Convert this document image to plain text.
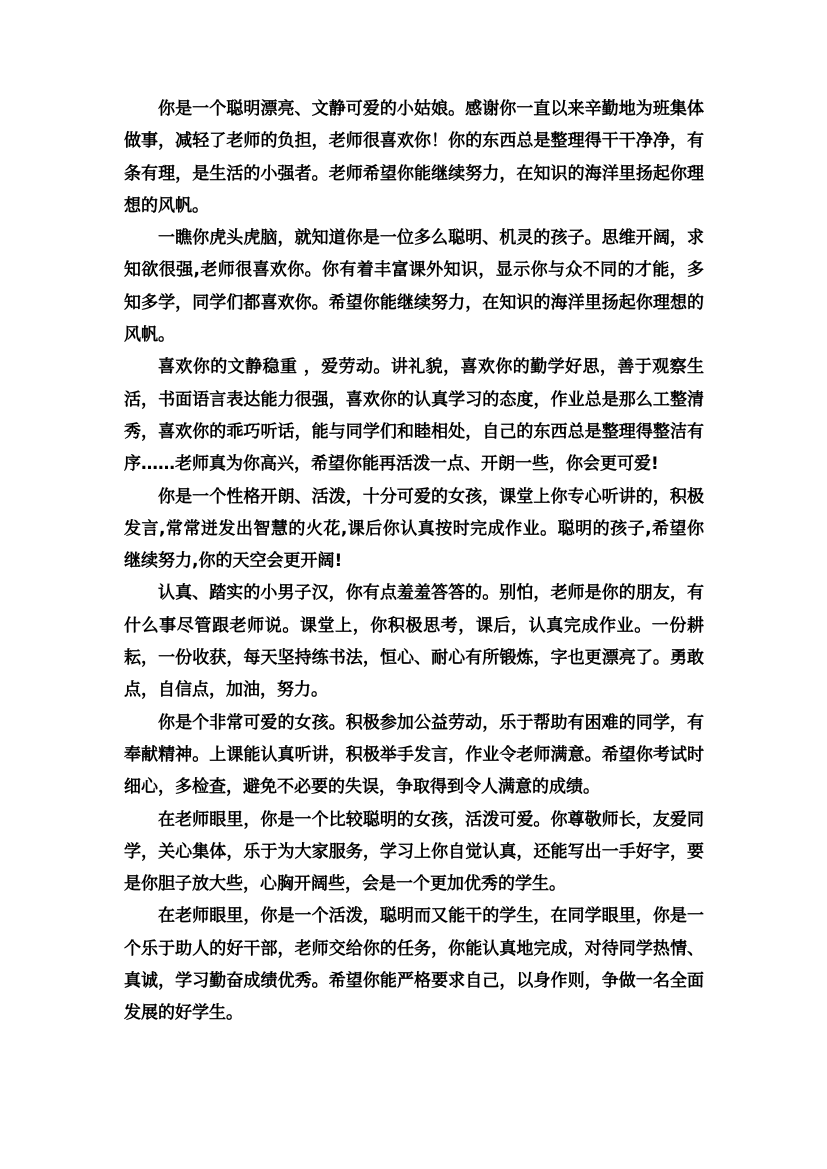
你是一个聪明漂亮、文静可爱的小姑娘。感谢你一直以来辛勤地为班集体做事，减轻了老师的负担，老师很喜欢你！你的东西总是整理得干干净净，有条有理，是生活的小强者。老师希望你能继续努力，在知识的海洋里扬起你理想的风帆。

一瞧你虎头虎脑，就知道你是一位多么聪明、机灵的孩子。思维开阔，求知欲很强,老师很喜欢你。你有着丰富课外知识，显示你与众不同的才能，多知多学，同学们都喜欢你。希望你能继续努力，在知识的海洋里扬起你理想的风帆。

喜欢你的文静稳重 ，爱劳动。讲礼貌，喜欢你的勤学好思，善于观察生活，书面语言表达能力很强，喜欢你的认真学习的态度，作业总是那么工整清秀，喜欢你的乖巧听话，能与同学们和睦相处，自己的东西总是整理得整洁有序……老师真为你高兴，希望你能再活泼一点、开朗一些，你会更可爱!

你是一个性格开朗、活泼，十分可爱的女孩，课堂上你专心听讲的，积极发言,常常迸发出智慧的火花,课后你认真按时完成作业。聪明的孩子,希望你继续努力,你的天空会更开阔!

认真、踏实的小男子汉，你有点羞羞答答的。别怕，老师是你的朋友，有什么事尽管跟老师说。课堂上，你积极思考，课后，认真完成作业。一份耕耘，一份收获，每天坚持练书法，恒心、耐心有所锻炼，字也更漂亮了。勇敢点，自信点，加油，努力。

你是个非常可爱的女孩。积极参加公益劳动，乐于帮助有困难的同学，有奉献精神。上课能认真听讲，积极举手发言，作业令老师满意。希望你考试时细心，多检查，避免不必要的失误，争取得到令人满意的成绩。

在老师眼里，你是一个比较聪明的女孩，活泼可爱。你尊敬师长，友爱同学，关心集体，乐于为大家服务，学习上你自觉认真，还能写出一手好字，要是你胆子放大些，心胸开阔些，会是一个更加优秀的学生。

在老师眼里，你是一个活泼，聪明而又能干的学生，在同学眼里，你是一个乐于助人的好干部，老师交给你的任务，你能认真地完成，对待同学热情、真诚，学习勤奋成绩优秀。希望你能严格要求自己，以身作则，争做一名全面发展的好学生。
